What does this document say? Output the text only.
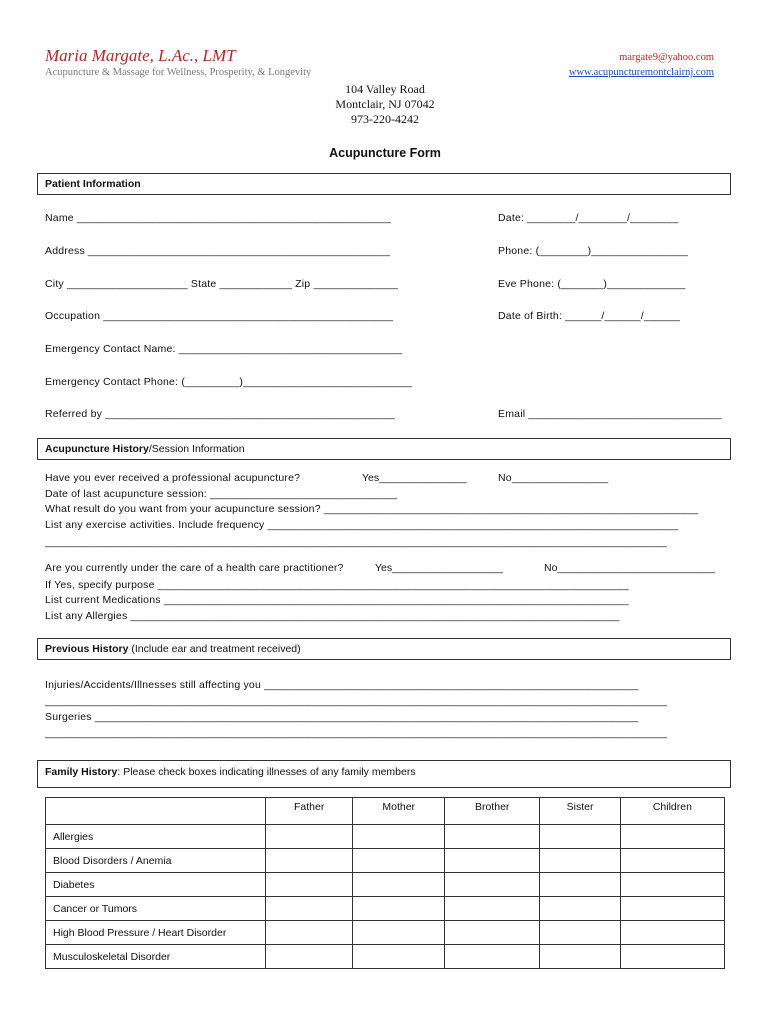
Maria Margate, L.Ac., LMT
Acupuncture & Massage for Wellness, Prosperity, & Longevity
margate9@yahoo.com
www.acupuncturemontclairnj.com
104 Valley Road
Montclair, NJ 07042
973-220-4242
Acupuncture Form
Patient Information
Name ____________________________________________________	Date: ________/________/________
Address __________________________________________________	Phone: (________)________________
City ____________________ State ____________ Zip ______________	Eve Phone: (_______)_____________
Occupation ________________________________________________	Date of Birth: ______/______/______
Emergency Contact Name: _____________________________________
Emergency Contact Phone: (_________)____________________________
Referred by ________________________________________________	Email ________________________________
Acupuncture History/Session Information
Have you ever received a professional acupuncture?	Yes_______________	No________________
Date of last acupuncture session: _______________________________
What result do you want from your acupuncture session? ______________________________________________________________
List any exercise activities. Include frequency ____________________________________________________________________
_______________________________________________________________________________________________________
Are you currently under the care of a health care practitioner?	Yes___________________	No___________________________
If Yes, specify purpose ______________________________________________________________________________
List current Medications _____________________________________________________________________________
List any Allergies _________________________________________________________________________________
Previous History (Include ear and treatment received)
Injuries/Accidents/Illnesses still affecting you ______________________________________________________________
_______________________________________________________________________________________________________
Surgeries __________________________________________________________________________________________
_______________________________________________________________________________________________________
Family History: Please check boxes indicating illnesses of any family members
	Father	Mother	Brother	Sister	Children
Allergies					
Blood Disorders / Anemia					
Diabetes					
Cancer or Tumors					
High Blood Pressure / Heart Disorder					
Musculoskeletal Disorder					
